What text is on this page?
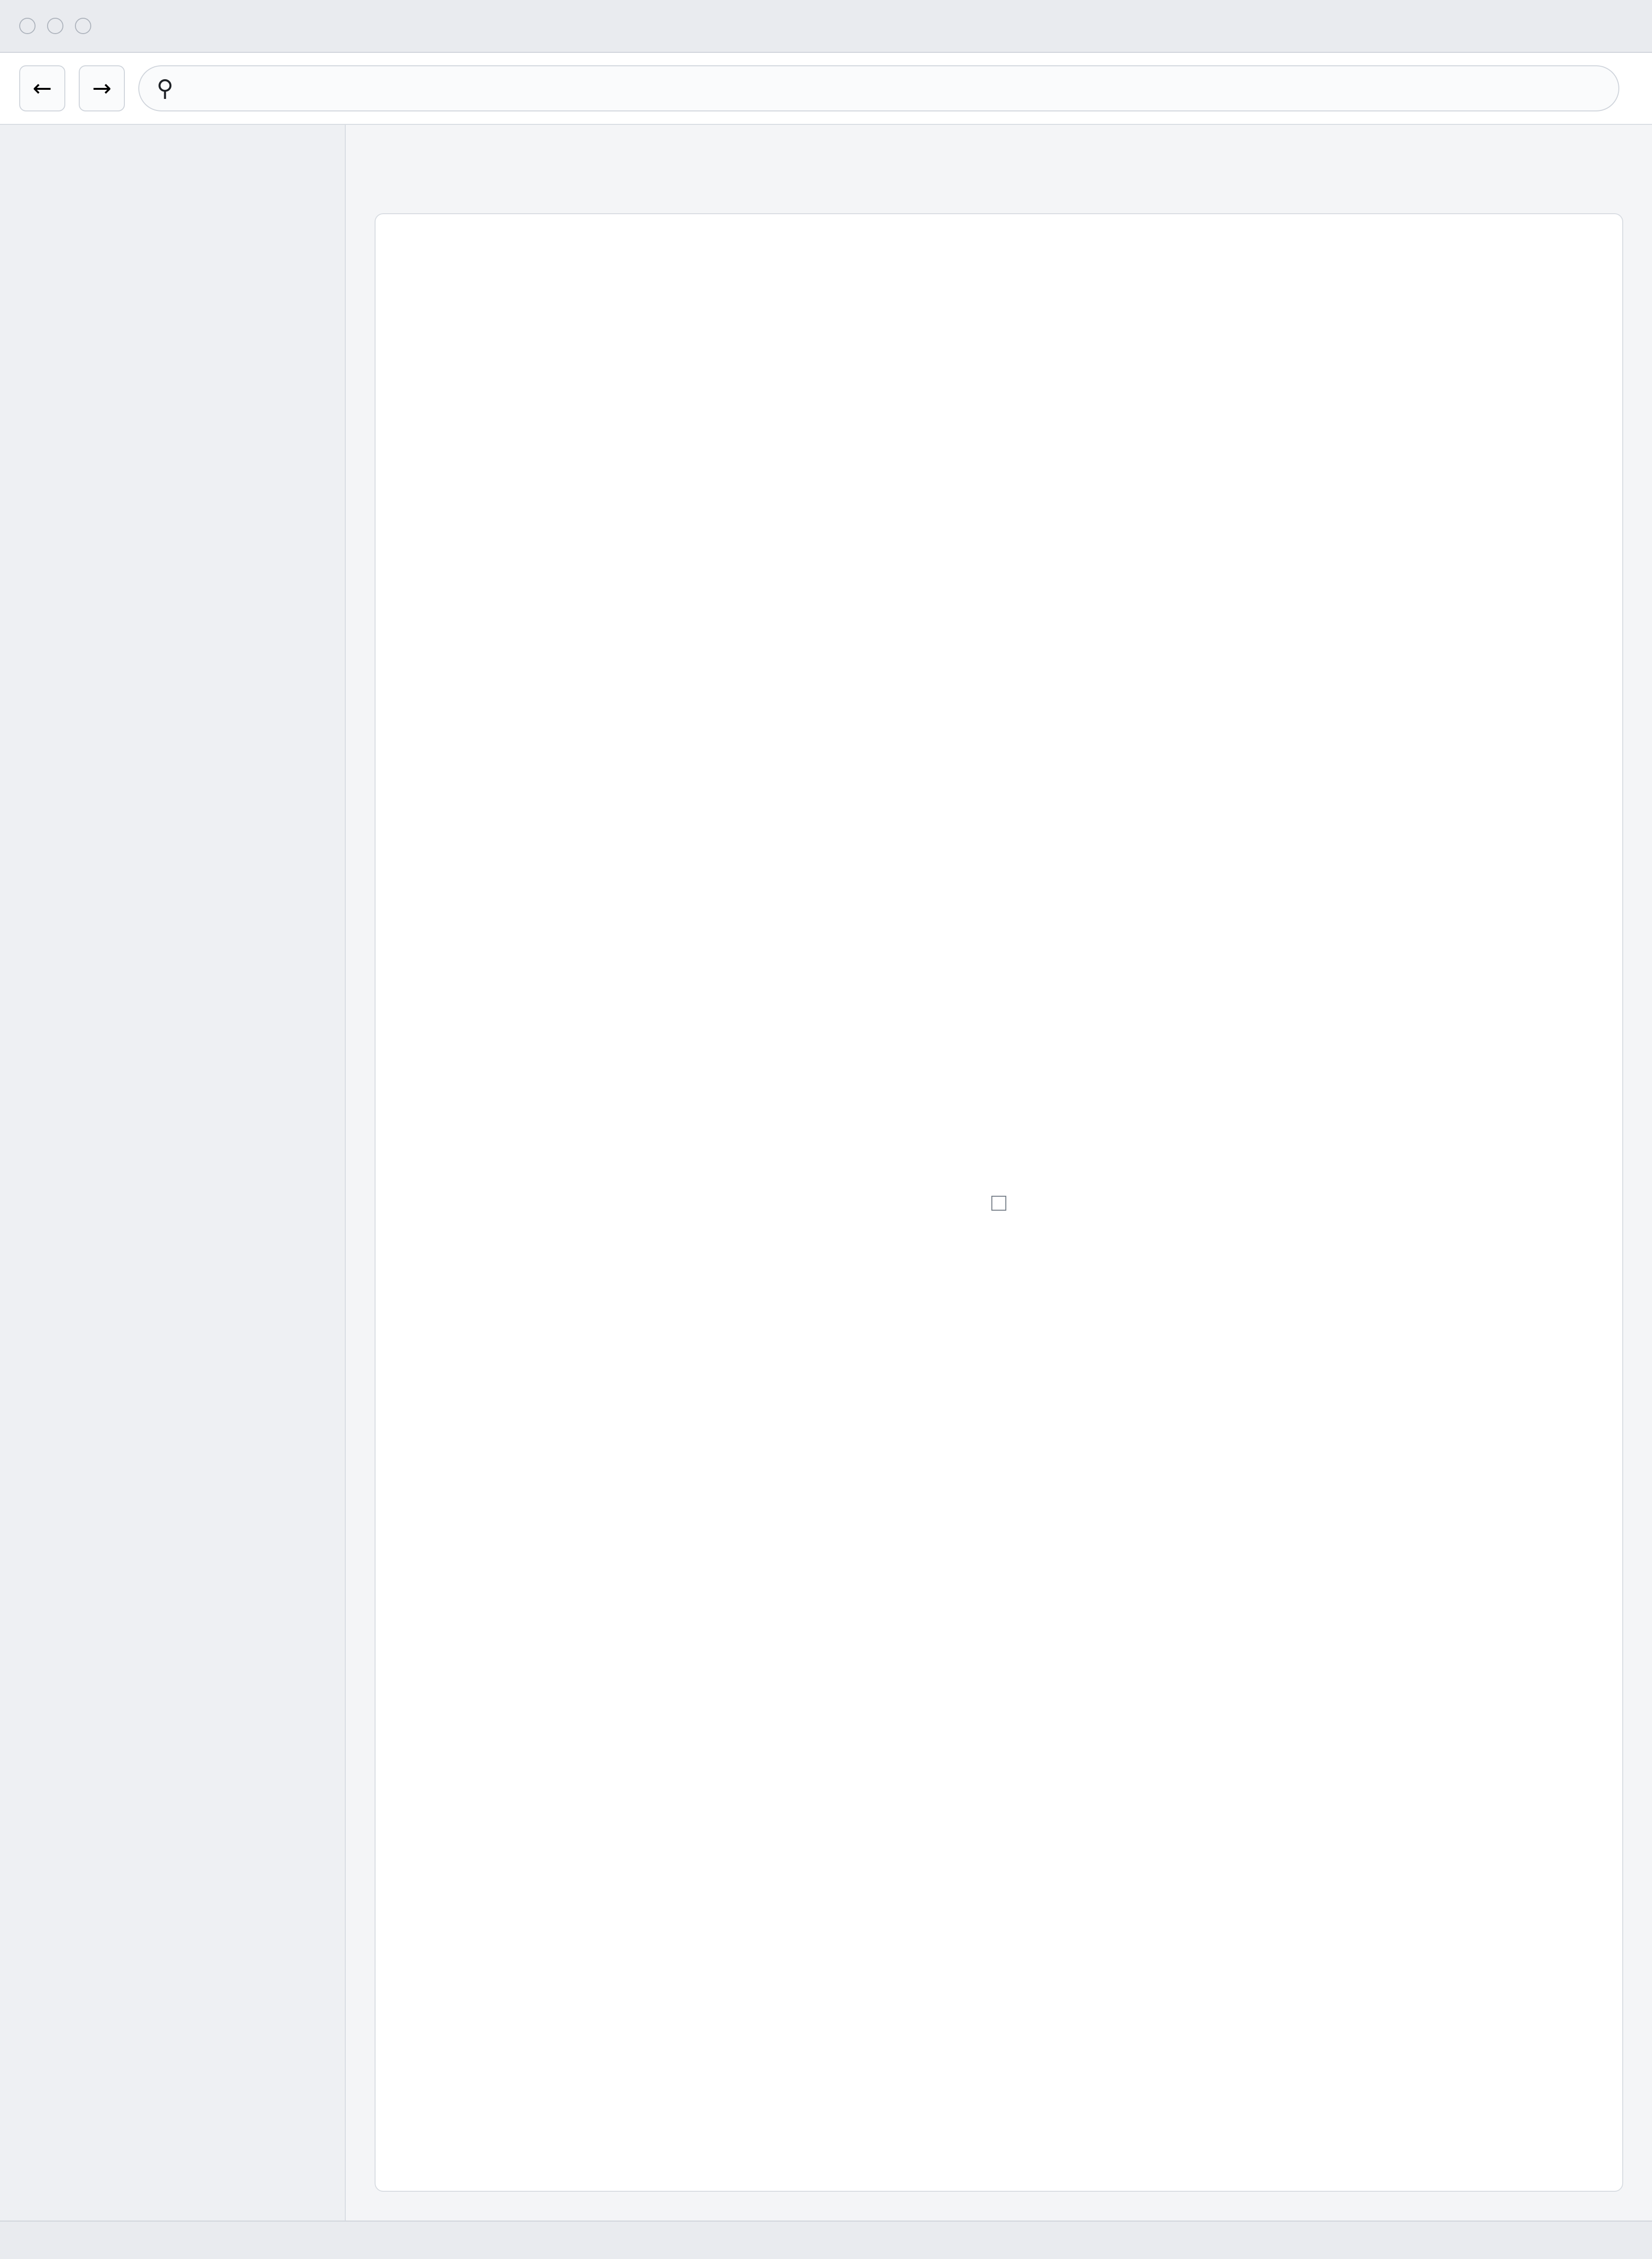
← → ⚲
□
